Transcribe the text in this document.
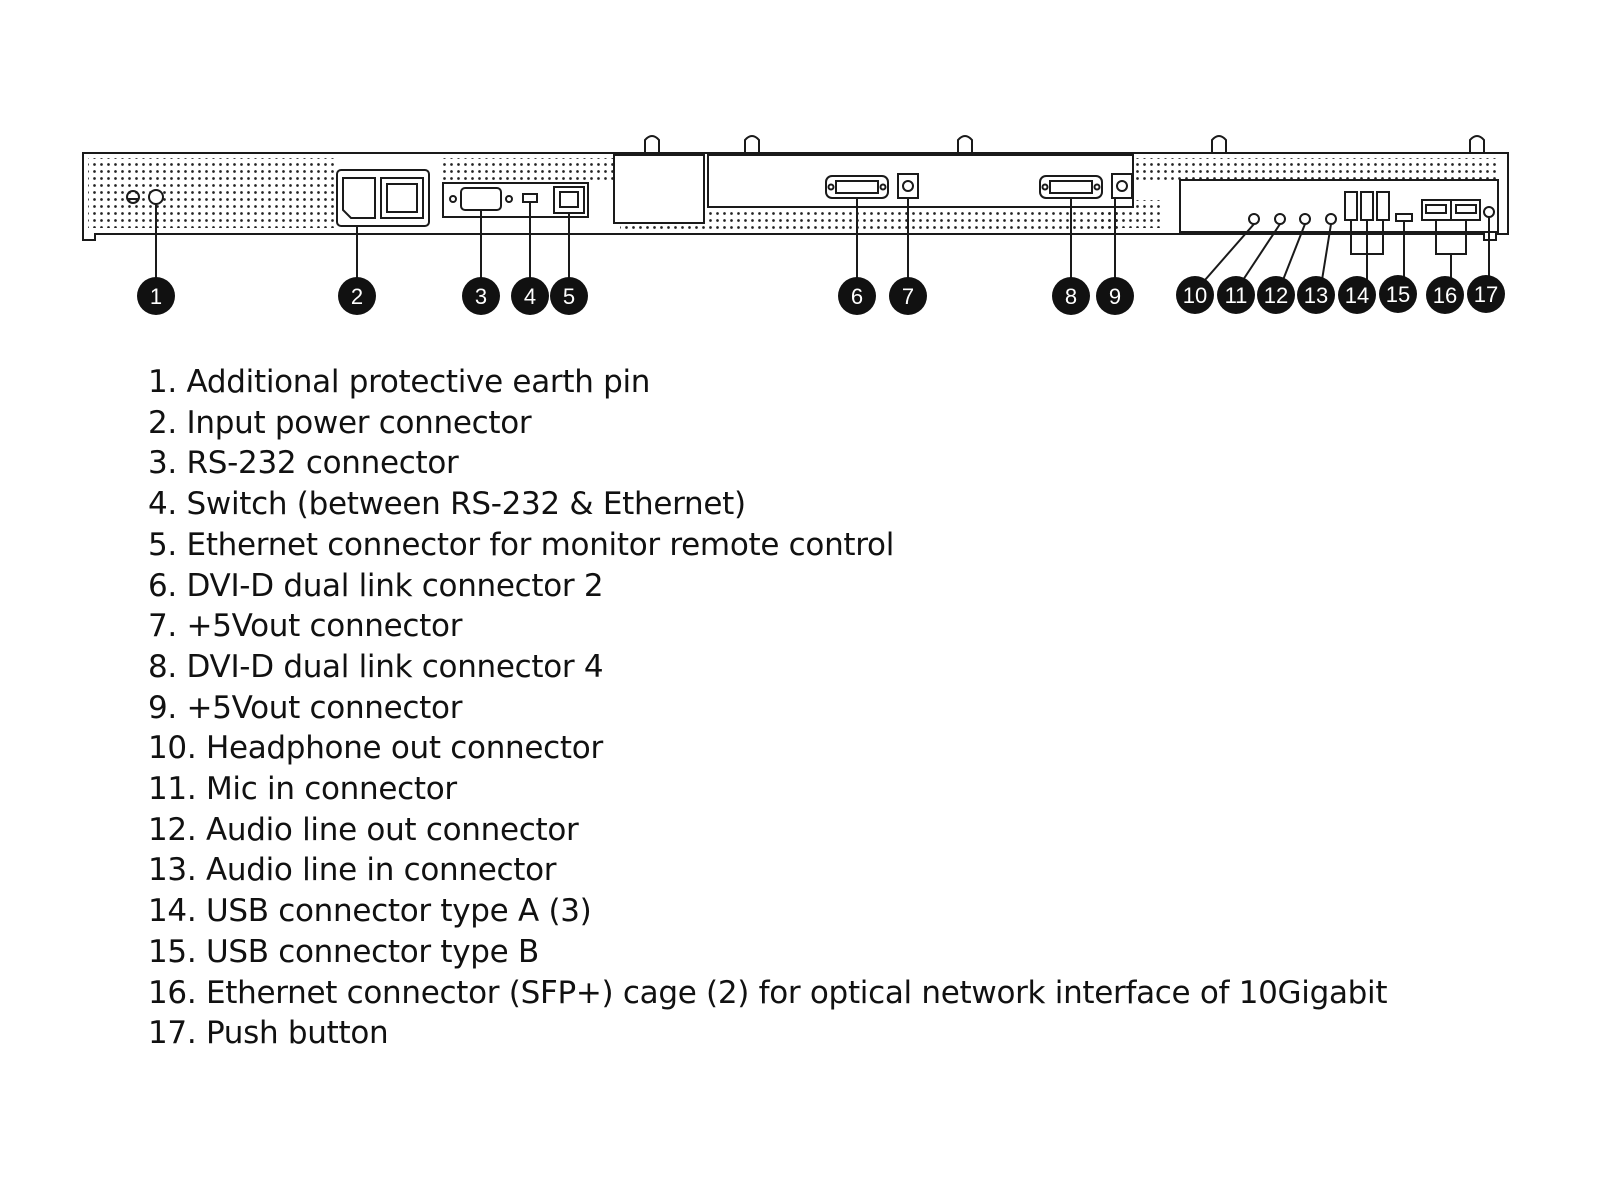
1	2	3 4 5	6 7	8 9	10 11 12 13 14 15 16 17
1. Additional protective earth pin
2. Input power connector
3. RS-232 connector
4. Switch (between RS-232 & Ethernet)
5. Ethernet connector for monitor remote control
6. DVI-D dual link connector 2
7. +5Vout connector
8. DVI-D dual link connector 4
9. +5Vout connector
10. Headphone out connector
11. Mic in connector
12. Audio line out connector
13. Audio line in connector
14. USB connector type A (3)
15. USB connector type B
16. Ethernet connector (SFP+) cage (2) for optical network interface of 10Gigabit
17. Push button
